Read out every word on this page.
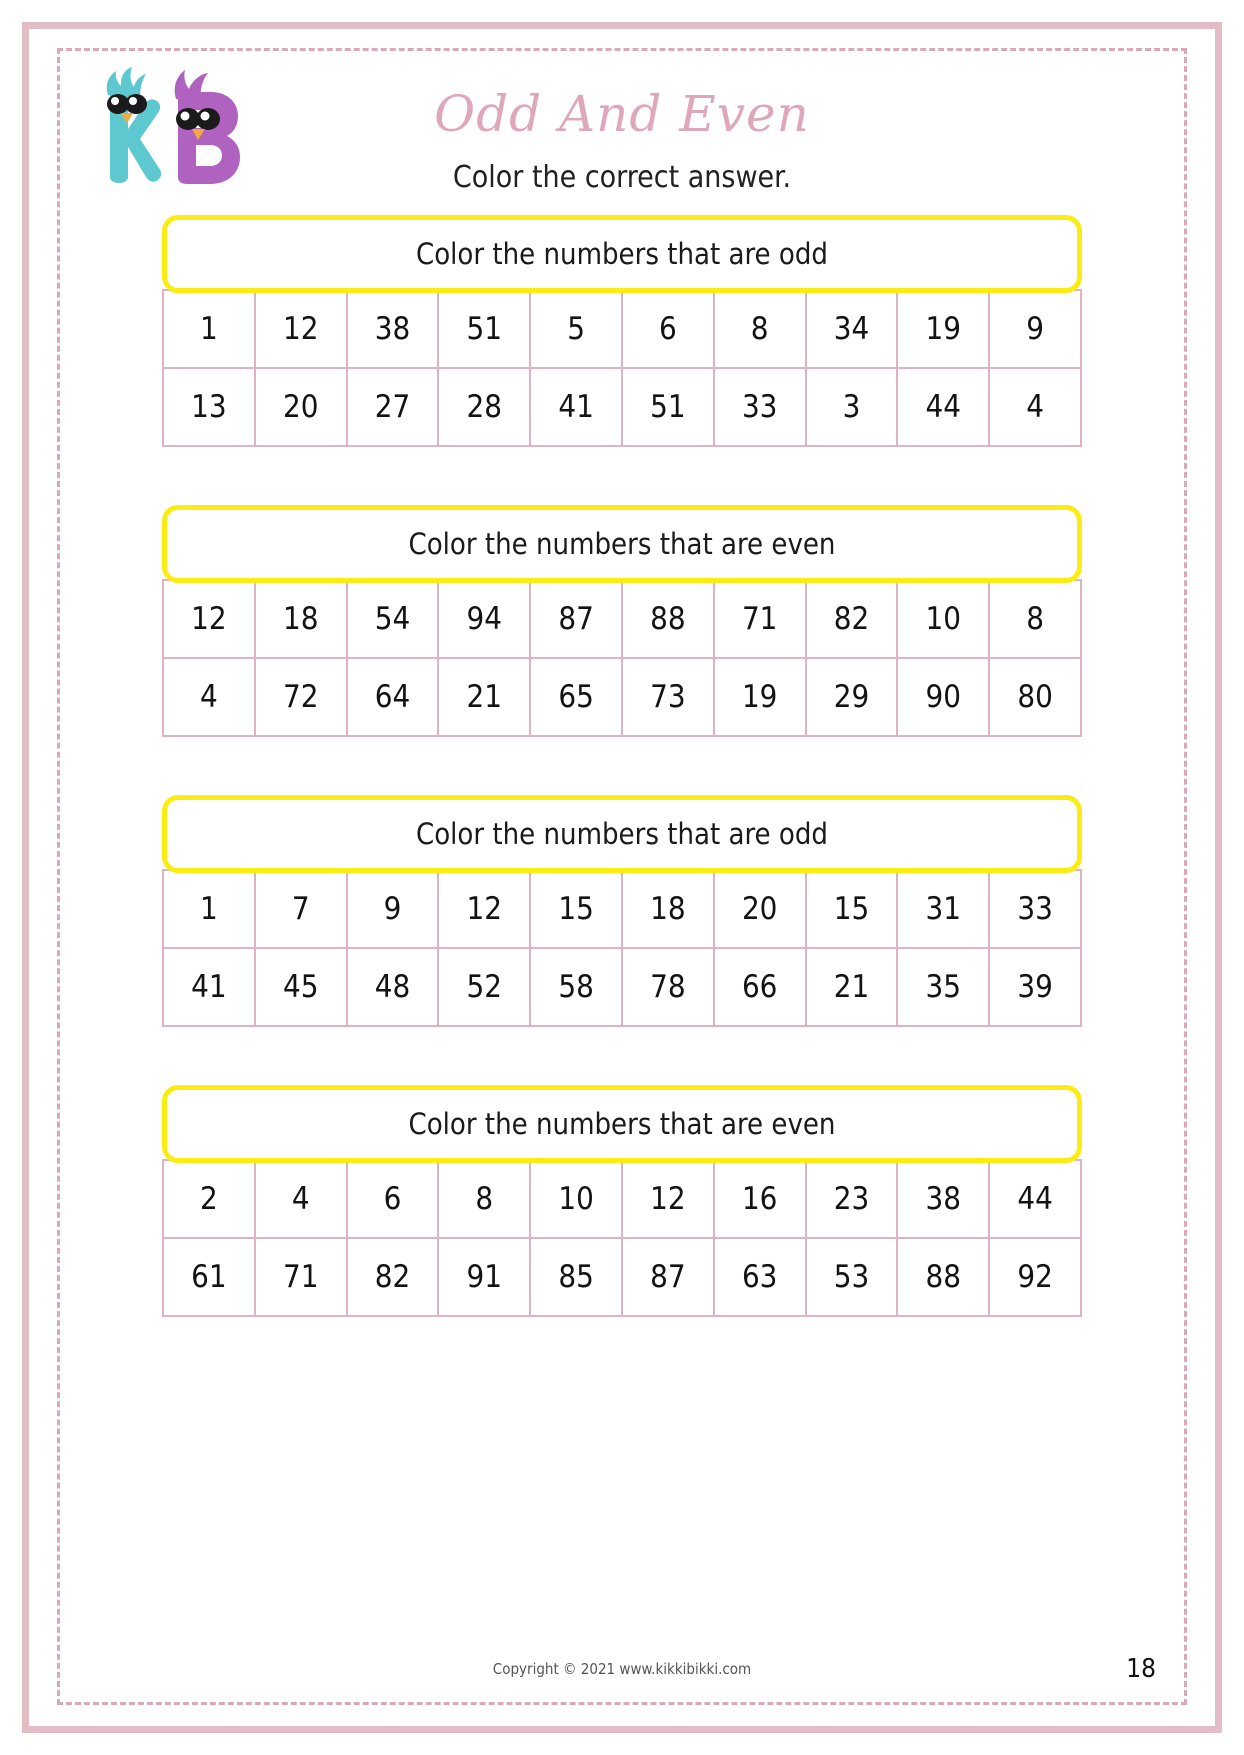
Odd And Even
Color the correct answer.
Color the numbers that are odd
1	12	38	51	5	6	8	34	19	9
13	20	27	28	41	51	33	3	44	4
Color the numbers that are even
12	18	54	94	87	88	71	82	10	8
4	72	64	21	65	73	19	29	90	80
Color the numbers that are odd
1	7	9	12	15	18	20	15	31	33
41	45	48	52	58	78	66	21	35	39
Color the numbers that are even
2	4	6	8	10	12	16	23	38	44
61	71	82	91	85	87	63	53	88	92
Copyright © 2021 www.kikkibikki.com	18
